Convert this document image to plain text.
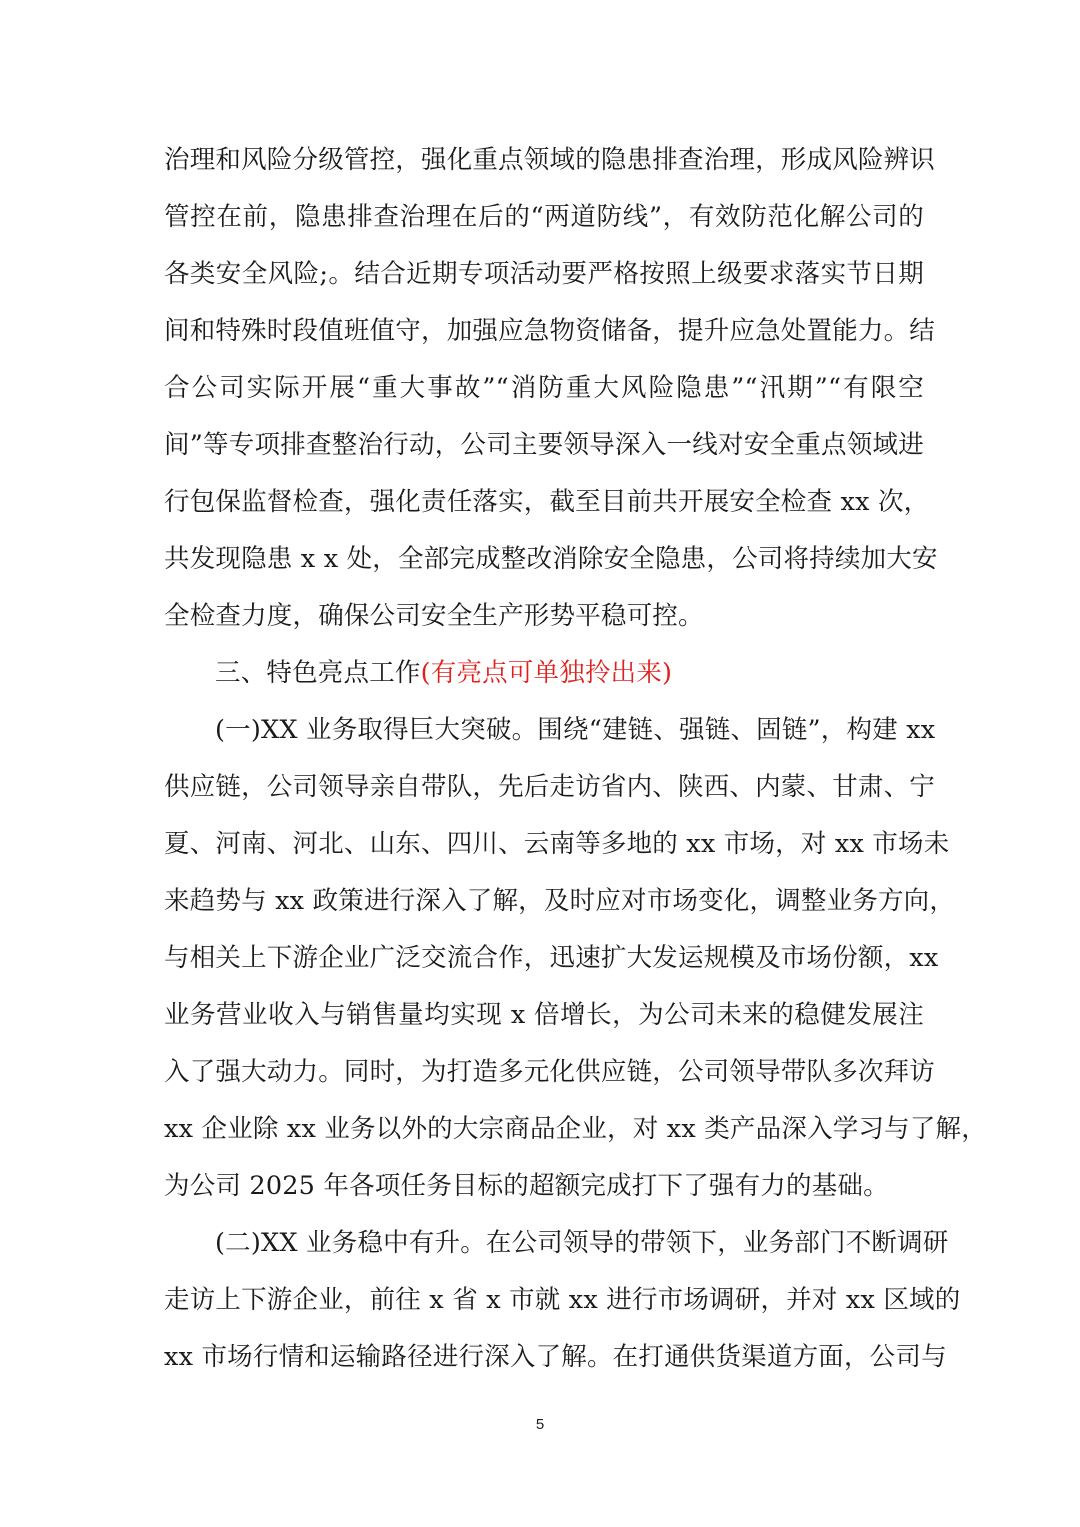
治理和风险分级管控，强化重点领域的隐患排查治理，形成风险辨识
管控在前，隐患排查治理在后的“两道防线”，有效防范化解公司的
各类安全风险;。结合近期专项活动要严格按照上级要求落实节日期
间和特殊时段值班值守，加强应急物资储备，提升应急处置能力。结
合公司实际开展“重大事故”“消防重大风险隐患”“汛期”“有限空
间”等专项排查整治行动，公司主要领导深入一线对安全重点领域进
行包保监督检查，强化责任落实，截至目前共开展安全检查 xx 次，
共发现隐患 x x 处，全部完成整改消除安全隐患，公司将持续加大安
全检查力度，确保公司安全生产形势平稳可控。
三、特色亮点工作(有亮点可单独拎出来)
(一)XX 业务取得巨大突破。围绕“建链、强链、固链”，构建 xx
供应链，公司领导亲自带队，先后走访省内、陕西、内蒙、甘肃、宁
夏、河南、河北、山东、四川、云南等多地的 xx 市场，对 xx 市场未
来趋势与 xx 政策进行深入了解，及时应对市场变化，调整业务方向，
与相关上下游企业广泛交流合作，迅速扩大发运规模及市场份额，xx
业务营业收入与销售量均实现 x 倍增长，为公司未来的稳健发展注
入了强大动力。同时，为打造多元化供应链，公司领导带队多次拜访
xx 企业除 xx 业务以外的大宗商品企业，对 xx 类产品深入学习与了解，
为公司 2025 年各项任务目标的超额完成打下了强有力的基础。
(二)XX 业务稳中有升。在公司领导的带领下，业务部门不断调研
走访上下游企业，前往 x 省 x 市就 xx 进行市场调研，并对 xx 区域的
xx 市场行情和运输路径进行深入了解。在打通供货渠道方面，公司与
5
